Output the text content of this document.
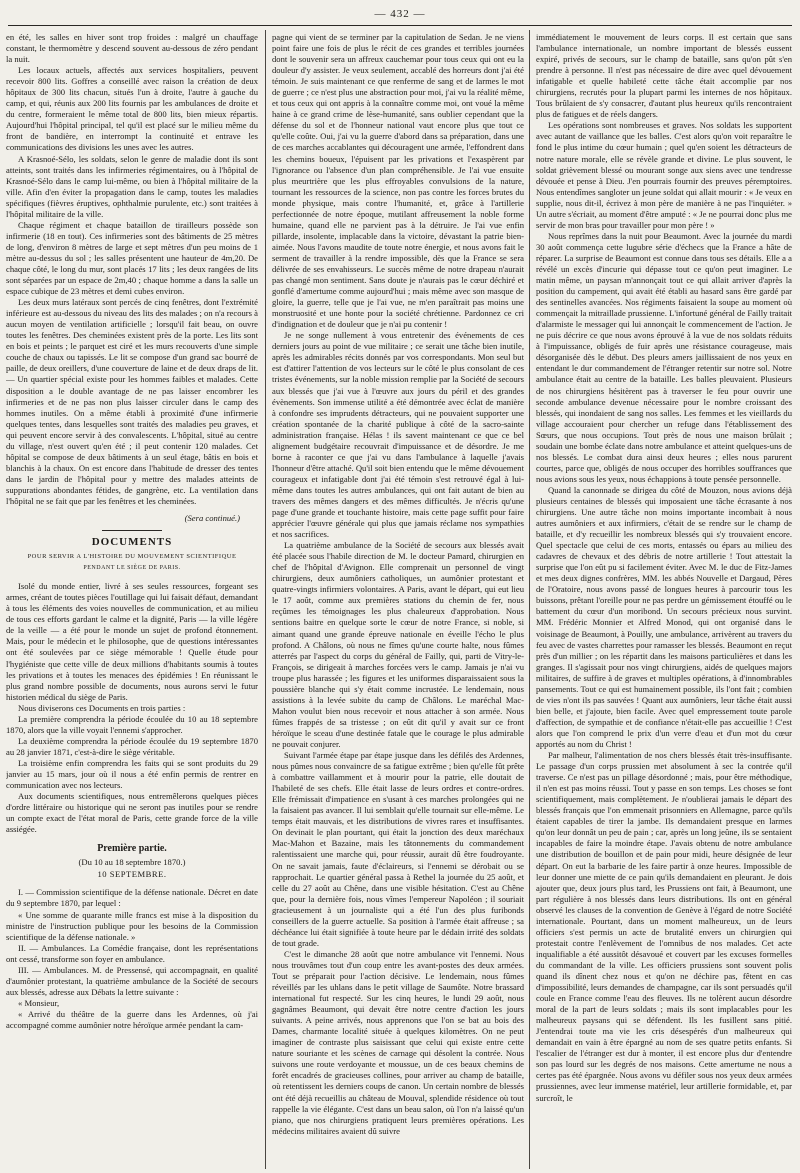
— 432 —

en été, les salles en hiver sont trop froides : malgré un chauffage constant, le thermomètre y descend souvent au-dessous de zéro pendant la nuit.

Les locaux actuels, affectés aux services hospitaliers, peuvent recevoir 800 lits. Goffres a conseillé avec raison la création de deux hôpitaux de 300 lits chacun, situés l'un à droite, l'autre à gauche du camp, et qui, réunis aux 200 lits fournis par les ambulances de droite et du centre, formeraient le même total de 800 lits, bien mieux répartis. Aujourd'hui l'hôpital principal, tel qu'il est placé sur le milieu même du front de bandière, en interrompt la continuité et entrave les communications des divisions les unes avec les autres.

A Krasnoé-Sélo, les soldats, selon le genre de maladie dont ils sont atteints, sont traités dans les infirmeries régimentaires, ou à l'hôpital de Krasnoé-Sélo dans le camp lui-même, ou bien à l'hôpital militaire de la ville. Afin d'en éviter la propagation dans le camp, toutes les maladies spécifiques (fièvres éruptives, ophthalmie purulente, etc.) sont traitées à l'hôpital militaire de la ville.

Chaque régiment et chaque bataillon de tirailleurs possède son infirmerie (18 en tout). Ces infirmeries sont des bâtiments de 25 mètres de long, d'environ 8 mètres de large et sept mètres d'un peu moins de 1 mètre au-dessus du sol ; les salles présentent une hauteur de 4m,20. De chaque côté, le long du mur, sont placés 17 lits ; les deux rangées de lits sont séparées par un espace de 2m,40 ; chaque homme a dans la salle un espace cubique de 23 mètres et demi cubes environ.

Les deux murs latéraux sont percés de cinq fenêtres, dont l'extrémité inférieure est au-dessous du niveau des lits des malades ; on n'a recours à aucun moyen de ventilation artificielle ; lorsqu'il fait beau, on ouvre toutes les fenêtres. Des cheminées existent près de la porte. Les lits sont en bois et peints ; le parquet est ciré et les murs recouverts d'une simple couche de chaux ou tapissés. Le lit se compose d'un grand sac bourré de paille, de deux oreillers, d'une couverture de laine et de deux draps de lit. — Un quartier spécial existe pour les hommes faibles et malades. Cette disposition a le double avantage de ne pas laisser encombrer les infirmeries et de ne pas non plus laisser circuler dans le camp des hommes inutiles. On a même établi à proximité d'une infirmerie quelques tentes, dans lesquelles sont traités des maladies peu graves, et qui peuvent encore servir à des convalescents. L'hôpital, situé au centre du village, n'est ouvert qu'en été ; il peut contenir 120 malades. Cet hôpital se compose de deux bâtiments à un seul étage, bâtis en bois et blanchis à la chaux. On est encore dans l'habitude de dresser des tentes dans le jardin de l'hôpital pour y mettre des malades atteints de suppurations abondantes fétides, de gangrène, etc. La ventilation dans l'hôpital ne se fait que par les fenêtres et les cheminées.

(Sera continué.)
DOCUMENTS
POUR SERVIR A L'HISTOIRE DU MOUVEMENT SCIENTIFIQUE
PENDANT LE SIÈGE DE PARIS.

Isolé du monde entier, livré à ses seules ressources, forgeant ses armes, créant de toutes pièces l'outillage qui lui faisait défaut, demandant à tous les éléments des voies nouvelles de communication, et au milieu de tous ces efforts gardant le calme et la dignité, Paris — la ville légère de la veille — a été pour le monde un sujet de profond étonnement. Mais, pour le médecin et le philosophe, que de questions intéressantes ont été soulevées par ce siège mémorable ! Quelle étude pour l'hygiéniste que cette ville de deux millions d'habitants soumis à toutes les privations et à toutes les menaces des épidémies ! En réunissant le plus grand nombre possible de documents, nous aurons servi le futur historien médical du siège de Paris.

Nous diviserons ces Documents en trois parties :

La première comprendra la période écoulée du 10 au 18 septembre 1870, alors que la ville voyait l'ennemi s'approcher.

La deuxième comprendra la période écoulée du 19 septembre 1870 au 28 janvier 1871, c'est-à-dire le siège véritable.

La troisième enfin comprendra les faits qui se sont produits du 29 janvier au 15 mars, jour où il nous a été enfin permis de rentrer en communication avec nos lecteurs.

Aux documents scientifiques, nous entremêlerons quelques pièces d'ordre littéraire ou historique qui ne seront pas inutiles pour se rendre un compte exact de l'état moral de Paris, cette grande force de la ville assiégée.

Première partie.
(Du 10 au 18 septembre 1870.)
10 SEPTEMBRE.

I. — Commission scientifique de la défense nationale. Décret en date du 9 septembre 1870, par lequel :

« Une somme de quarante mille francs est mise à la disposition du ministre de l'instruction publique pour les besoins de la Commission scientifique de la défense nationale. »

II. — Ambulances. La Comédie française, dont les représentations ont cessé, transforme son foyer en ambulance.

III. — Ambulances. M. de Pressensé, qui accompagnait, en qualité d'aumônier protestant, la quatrième ambulance de la Société de secours aux blessés, adresse aux Débats la lettre suivante :

« Monsieur,

« Arrivé du théâtre de la guerre dans les Ardennes, où j'ai accompagné comme aumônier notre héroïque armée pendant la cam-

pagne qui vient de se terminer par la capitulation de Sedan. Je ne viens point faire une fois de plus le récit de ces grandes et terribles journées dont le souvenir sera un affreux cauchemar pour tous ceux qui ont eu la douleur d'y assister. Je veux seulement, accablé des horreurs dont j'ai été témoin. Je suis maintenant ce que renferme de sang et de larmes le mot de guerre ; ce n'est plus une abstraction pour moi, j'ai vu la réalité même, et tous ceux qui ont appris à la connaître comme moi, ont voué la même haine à ce grand crime de lèse-humanité, sans oublier cependant que la défense du sol et de l'honneur national vaut encore plus que tout ce qu'elle coûte. Oui, j'ai vu la guerre d'abord dans sa préparation, dans une de ces marches accablantes qui découragent une armée, l'effondrent dans les chemins boueux, l'épuisent par les privations et l'exaspèrent par l'ignorance ou l'absence d'un plan compréhensible. Je l'ai vue ensuite plus meurtrière que les plus effroyables convulsions de la nature, tournant les ressources de la science, non pas contre les forces brutes du monde physique, mais contre l'humanité, et, grâce à l'artillerie perfectionnée de notre époque, mutilant affreusement la noble forme humaine, quand elle ne parvient pas à la détruire. Je l'ai vue enfin pillarde, insolente, implacable dans la victoire, dévastant la patrie bien-aimée. Nous l'avons maudite de toute notre énergie, et nous avons fait le serment de travailler à la rendre impossible, dès que la France se sera délivrée de ses envahisseurs. Le succès même de notre drapeau n'aurait pas changé mon sentiment. Sans doute je n'aurais pas le cœur déchiré et gonflé d'amertume comme aujourd'hui ; mais même avec son masque de gloire, la guerre, telle que je l'ai vue, ne m'en paraîtrait pas moins une monstruosité et une honte pour la société chrétienne. Pardonnez ce cri d'indignation et de douleur que je n'ai pu contenir !

Je ne songe nullement à vous entretenir des événements de ces derniers jours au point de vue militaire ; ce serait une tâche bien inutile, après les admirables récits donnés par vos correspondants. Mon seul but est d'attirer l'attention de vos lecteurs sur le côté le plus consolant de ces tristes événements, sur la noble mission remplie par la Société de secours aux blessés que j'ai vue à l'œuvre aux jours du péril et des grandes évènements. Son immense utilité a été démontrée avec éclat de manière à confondre ses imprudents détracteurs, qui ne pouvaient supporter une création spontanée de la charité publique à côté de la sacro-sainte administration française. Hélas ! ils savent maintenant ce que ce bel alignement budgétaire recouvrait d'impuissance et de désordre. Je me borne à raconter ce que j'ai vu dans l'ambulance à laquelle j'avais l'honneur d'être attaché. Qu'il soit bien entendu que le même dévouement courageux et infatigable dont j'ai été témoin s'est retrouvé égal à lui-même dans toutes les autres ambulances, qui ont fait autant de bien au travers des mêmes dangers et des mêmes difficultés. Je n'écris qu'une page d'une grande et touchante histoire, mais cette page suffit pour faire apprécier l'œuvre générale qui plus que jamais réclame nos sympathies et nos sacrifices.

La quatrième ambulance de la Société de secours aux blessés avait été placée sous l'habile direction de M. le docteur Pamard, chirurgien en chef de l'hôpital d'Avignon. Elle comprenait un personnel de vingt chirurgiens, deux aumôniers catholiques, un aumônier protestant et quatre-vingts infirmiers volontaires. A Paris, avant le départ, qui eut lieu le 17 août, comme aux premières stations du chemin de fer, nous reçûmes les témoignages les plus chaleureux d'approbation. Nous sentions baitre en quelque sorte le cœur de notre France, si noble, si aimant quand une grande épreuve nationale en éveille l'écho le plus profond. A Châlons, où nous ne fîmes qu'une courte halte, nous fûmes atterrés par l'aspect du corps du général de Failly, qui, parti de Vitry-le-François, se dirigeait à marches forcées vers le camp. Jamais je n'ai vu troupe plus harassée ; les figures et les uniformes disparaissaient sous la poussière blanche qui s'y était comme incrustée. Le lendemain, nous assistions à la levée subite du camp de Châlons. Le maréchal Mac-Mahon voulut bien nous recevoir et nous attacher à son armée. Nous fûmes frappés de sa tristesse ; on eût dit qu'il y avait sur ce front héroïque le sceau d'une destinée fatale que le courage le plus admirable ne pouvait conjurer.

Suivant l'armée étape par étape jusque dans les défilés des Ardennes, nous pûmes nous convaincre de sa fatigue extrême ; bien qu'elle fût prête à combattre vaillamment et à mourir pour la patrie, elle doutait de l'habileté de ses chefs. Elle était lasse de leurs ordres et contre-ordres. Elle frémissait d'impatience en s'usant à ces marches prolongées qui ne la faisaient pas avancer. Il lui semblait qu'elle tournait sur elle-même. Le temps était mauvais, et les distributions de vivres rares et insuffisantes. On devinait le plan pourtant, qui était la jonction des deux maréchaux Mac-Mahon et Bazaine, mais les tâtonnements du commandement ralentissaient une marche qui, pour réussir, aurait dû être foudroyante. On ne savait jamais, faute d'éclaireurs, si l'ennemi se dérobait ou se rapprochait. Le quartier général passa à Rethel la journée du 25 août, et celle du 27 août au Chêne, dans une visible hésitation. C'est au Chêne que, pour la dernière fois, nous vîmes l'empereur Napoléon ; il souriait gracieusement à un journaliste qui a été l'un des plus furibonds conseillers de la guerre actuelle. Sa position à l'armée était affreuse ; sa déchéance lui était signifiée à toute heure par le dédain irrité des soldats de tout grade.

C'est le dimanche 28 août que notre ambulance vit l'ennemi. Nous nous trouvâmes tout d'un coup entre les avant-postes des deux armées. Tout se préparait pour l'action décisive. Le lendemain, nous fûmes réveillés par les uhlans dans le petit village de Saumôte. Notre brassard international fut respecté. Sur les cinq heures, le lundi 29 août, nous gagnâmes Beaumont, qui devait être notre centre d'action les jours suivants. A peine arrivés, nous apprenons que l'on se bat au bois des Dames, charmante localité située à quelques kilomètres. On ne peut imaginer de contraste plus saisissant que celui qui existe entre cette nature souriante et les scènes de carnage qui désolent la contrée. Nous suivons une route verdoyante et moussue, un de ces beaux chemins de forêt encadrés de gracieuses collines, pour arriver au champ de bataille, où retentissent les derniers coups de canon. Un certain nombre de blessés ont été déjà recueillis au château de Mouval, splendide résidence où tout rappelle la vie élégante. C'est dans un beau salon, où l'on n'a laissé qu'un piano, que nos chirurgiens pratiquent leurs premières opérations. Les médecins militaires avaient dû suivre

immédiatement le mouvement de leurs corps. Il est certain que sans l'ambulance internationale, un nombre important de blessés eussent expiré, privés de secours, sur le champ de bataille, sans qu'on pût s'en prendre à personne. Il n'est pas nécessaire de dire avec quel dévouement infatigable et quelle habileté cette tâche était accomplie par nos chirurgiens, recrutés pour la plupart parmi les internes de nos hôpitaux. Tous brûlaient de s'y consacrer, d'autant plus heureux qu'ils rencontraient plus de fatigues et de réels dangers.

Les opérations sont nombreuses et graves. Nos soldats les supportent avec autant de vaillance que les balles. C'est alors qu'on voit reparaître le fond le plus intime du cœur humain ; quel qu'en soient les détracteurs de notre nature morale, elle se révèle grande et divine. Le plus souvent, le soldat grièvement blessé ou mourant songe aux siens avec une tendresse dévouée et pense à Dieu. J'en pourrais fournir des preuves péremptoires. Nous entendîmes sangloter un jeune soldat qui allait mourir : « Je veux en supplie, nous dit-il, écrivez à mon père de manière à ne pas l'inquiéter. » Un autre s'écriait, au moment d'être amputé : « Je ne pourrai donc plus me servir de mon bras pour travailler pour mon père ! »

Nous reprîmes dans la nuit pour Beaumont. Avec la journée du mardi 30 août commença cette lugubre série d'échecs que la France a hâte de réparer. La surprise de Beaumont est connue dans tous ses détails. Elle a a révélé un excès d'incurie qui dépasse tout ce qu'on peut imaginer. Le matin même, un paysan m'annonçait tout ce qui allait arriver d'après la position du campement, qui avait été établi au hasard sans être gardé par des sentinelles avancées. Nos régiments faisaient la soupe au moment où commençait la mitraillade prussienne. L'infortuné général de Failly traitait d'alarmiste le messager qui lui annonçait le commencement de l'action. Je ne puis décrire ce que nous avons éprouvé à la vue de nos soldats réduits à l'impuissance, obligés de fuir après une résistance courageuse, mais désorganisée dès le début. Des pleurs amers jaillissaient de nos yeux en entendant le dur commandement de l'étranger retentir sur notre sol. Notre ambulance était au centre de la bataille. Les balles pleuvaient. Plusieurs de nos chirurgiens hésitèrent pas à traverser le feu pour ouvrir une seconde ambulance devenue nécessaire pour le nombre croissant des blessés, qui inondaient de sang nos salles. Les femmes et les vieillards du village accouraient pour chercher un refuge dans l'établissement des Sœurs, que nous occupions. Tout près de nous une maison brûlait ; soudain une bombe éclate dans notre ambulance et atteint quelques-uns de nos blessés. Le combat dura ainsi deux heures ; elles nous parurent courtes, parce que, obligés de nous occuper des horribles souffrances que nous avions sous les yeux, nous échappions à toute pensée personnelle.

Quand la canonnade se dirigea du côté de Mouzon, nous avions déjà plusieurs centaines de blessés qui imposaient une tâche écrasante à nos chirurgiens. Une autre tâche non moins importante incombait à nous autres aumôniers et aux infirmiers, c'était de se rendre sur le champ de bataille, et d'y recueillir les nombreux blessés qui s'y trouvaient encore. Quel spectacle que celui de ces morts, entassés ou épars au milieu des cadavres de chevaux et des débris de notre artillerie ! Tout attestait la surprise que l'on eût pu si facilement éviter. Avec M. le duc de Fitz-James et mes deux dignes confrères, MM. les abbés Nouvelle et Dargaud, Pères de l'Oratoire, nous avons passé de longues heures à parcourir tous les buissons, prêtant l'oreille pour ne pas perdre un gémissement étouffé ou le battement du cœur d'un moribond. Un secours précieux nous survint. MM. Frédéric Monnier et Alfred Monod, qui ont organisé dans le voisinage de Beaumont, à Pouilly, une ambulance, arrivèrent au travers du feu avec de vastes charrettes pour ramasser les blessés. Beaumont en reçut près d'un millier ; on les répartit dans les maisons particulières et dans les granges. Il s'agissait pour nos vingt chirurgiens, aidés de quelques majors militaires, de suffire à de graves et multiples opérations, à d'innombrables pansements. Tout ce qui est humainement possible, ils l'ont fait ; combien de vies n'ont ils pas sauvées ! Quant aux aumôniers, leur tâche était aussi bien belle, et j'ajoute, bien facile. Avec quel empressement toute parole d'affection, de sympathie et de confiance n'était-elle pas accueillie ! C'est alors que l'on comprend le prix d'un verre d'eau et d'un mot du cœur apportés au nom du Christ !

Par malheur, l'alimentation de nos chers blessés était très-insuffisante. Le passage d'un corps prussien met absolument à sec la contrée qu'il traverse. Ce n'est pas un pillage désordonné ; mais, pour être méthodique, il n'en est pas moins réussi. Tout y passe en son temps. Les choses se font scientifiquement, mais complètement. Je n'oublierai jamais le départ des blessés français que l'on emmenait prisonniers en Allemagne, parce qu'ils étaient capables de tirer la jambe. Ils demandaient presque en larmes qu'on leur donnât un peu de pain ; car, après un long jeûne, ils se sentaient incapables de faire la moindre étape. J'avais obtenu de notre ambulance une distribution de bouillon et de pain pour midi, heure désignée de leur départ. On eut la barbarie de les faire partir à onze heures. Impossible de leur donner une miette de ce pain qu'ils demandaient en pleurant. Je dois ajouter que, deux jours plus tard, les Prussiens ont fait, à Beaumont, une part régulière à nos blessés dans leurs distributions. Ils ont en général observé les clauses de la convention de Genève à l'égard de notre Société internationale. Pourtant, dans un moment malheureux, un de leurs officiers s'est permis un acte de brutalité envers un chirurgien qui protestait contre l'enlèvement de l'omnibus de nos malades. Cet acte inqualifiable a été aussitôt désavoué et couvert par les excuses formelles du commandant de la ville. Les officiers prussiens sont souvent polis quand ils dînent chez nous et qu'on ne déchire pas, fêtent en cas d'impossibilité, leurs demandes de champagne, car ils sont persuadés qu'il coule en France comme l'eau des fleuves. Ils ne tolèrent aucun désordre moral de la part de leurs soldats ; mais ils sont implacables pour les malheureux paysans qui se défendent. Ils les fusillent sans pitié. J'entendrai toute ma vie les cris désespérés d'un malheureux qui demandait en vain à être épargné au nom de ses quatre petits enfants. Si l'escalier de l'étranger est dur à monter, il est encore plus dur d'entendre son pas lourd sur les degrés de nos maisons. Cette amertume ne nous a certes pas été épargnée. Nous avons vu défiler sous nos yeux deux armées prussiennes, avec leur immense matériel, leur artillerie formidable, et, par surcroît, le
